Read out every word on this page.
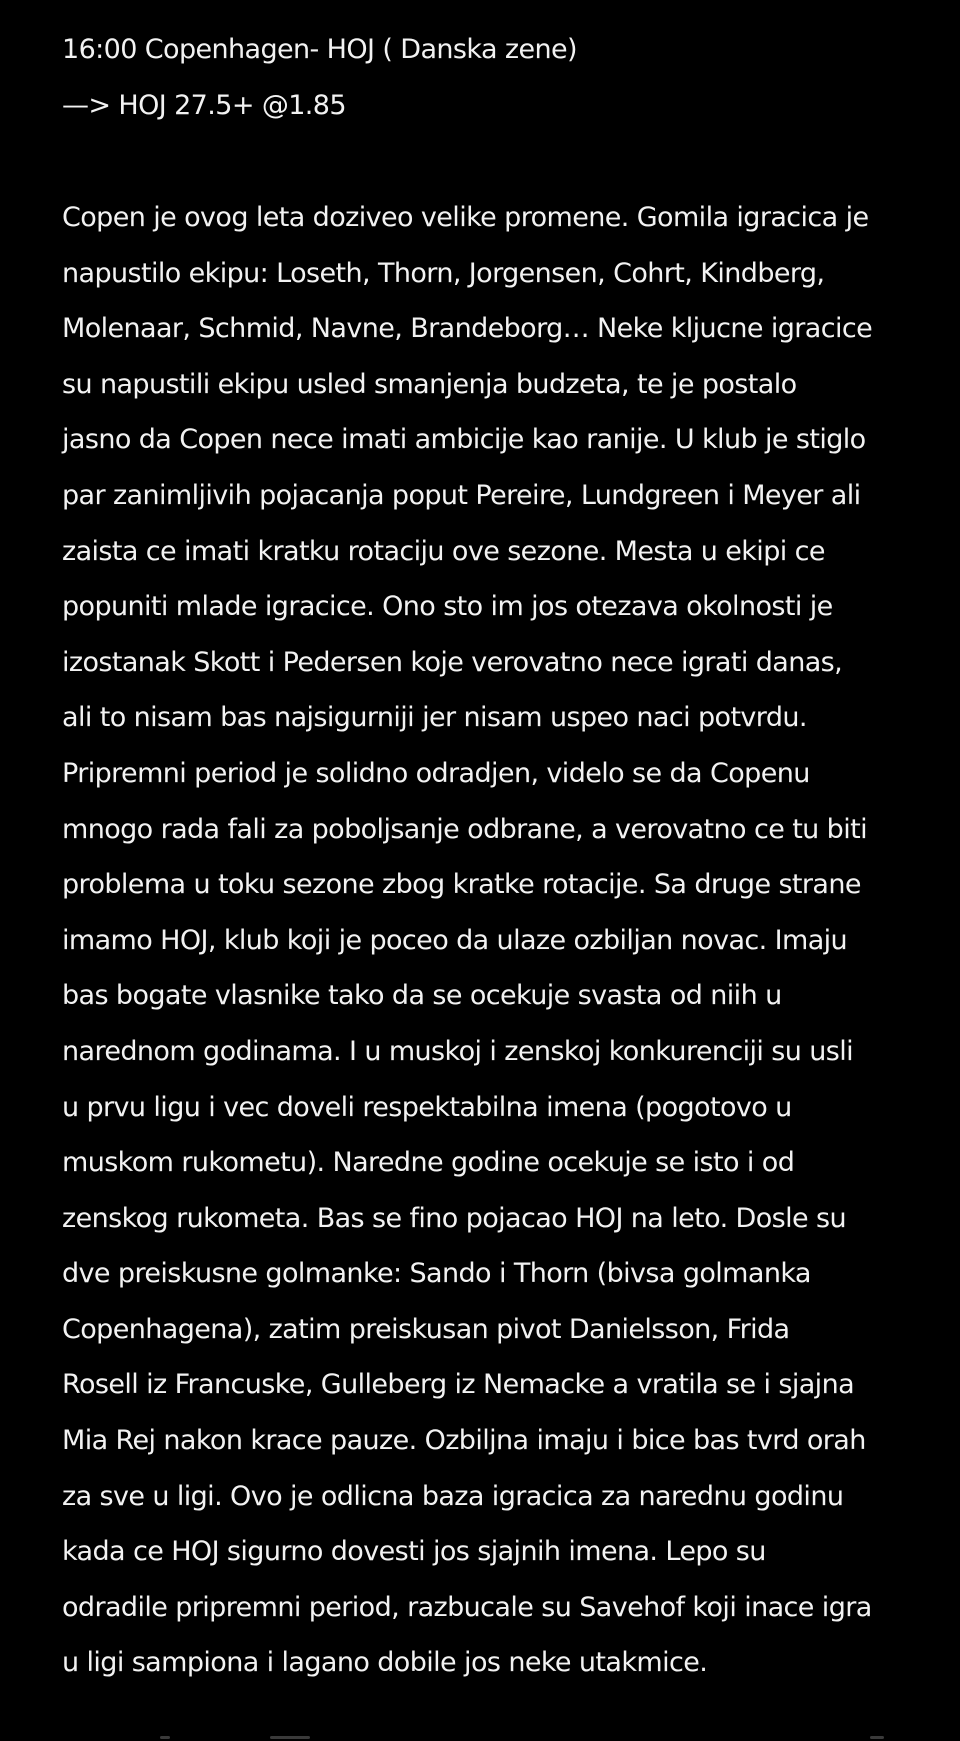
16:00 Copenhagen- HOJ ( Danska zene)
—> HOJ 27.5+ @1.85
Copen je ovog leta doziveo velike promene. Gomila igracica je
napustilo ekipu: Loseth, Thorn, Jorgensen, Cohrt, Kindberg,
Molenaar, Schmid, Navne, Brandeborg… Neke kljucne igracice
su napustili ekipu usled smanjenja budzeta, te je postalo
jasno da Copen nece imati ambicije kao ranije. U klub je stiglo
par zanimljivih pojacanja poput Pereire, Lundgreen i Meyer ali
zaista ce imati kratku rotaciju ove sezone. Mesta u ekipi ce
popuniti mlade igracice. Ono sto im jos otezava okolnosti je
izostanak Skott i Pedersen koje verovatno nece igrati danas,
ali to nisam bas najsigurniji jer nisam uspeo naci potvrdu.
Pripremni period je solidno odradjen, videlo se da Copenu
mnogo rada fali za poboljsanje odbrane, a verovatno ce tu biti
problema u toku sezone zbog kratke rotacije. Sa druge strane
imamo HOJ, klub koji je poceo da ulaze ozbiljan novac. Imaju
bas bogate vlasnike tako da se ocekuje svasta od niih u
narednom godinama. I u muskoj i zenskoj konkurenciji su usli
u prvu ligu i vec doveli respektabilna imena (pogotovo u
muskom rukometu). Naredne godine ocekuje se isto i od
zenskog rukometa. Bas se fino pojacao HOJ na leto. Dosle su
dve preiskusne golmanke: Sando i Thorn (bivsa golmanka
Copenhagena), zatim preiskusan pivot Danielsson, Frida
Rosell iz Francuske, Gulleberg iz Nemacke a vratila se i sjajna
Mia Rej nakon krace pauze. Ozbiljna imaju i bice bas tvrd orah
za sve u ligi. Ovo je odlicna baza igracica za narednu godinu
kada ce HOJ sigurno dovesti jos sjajnih imena. Lepo su
odradile pripremni period, razbucale su Savehof koji inace igra
u ligi sampiona i lagano dobile jos neke utakmice.
